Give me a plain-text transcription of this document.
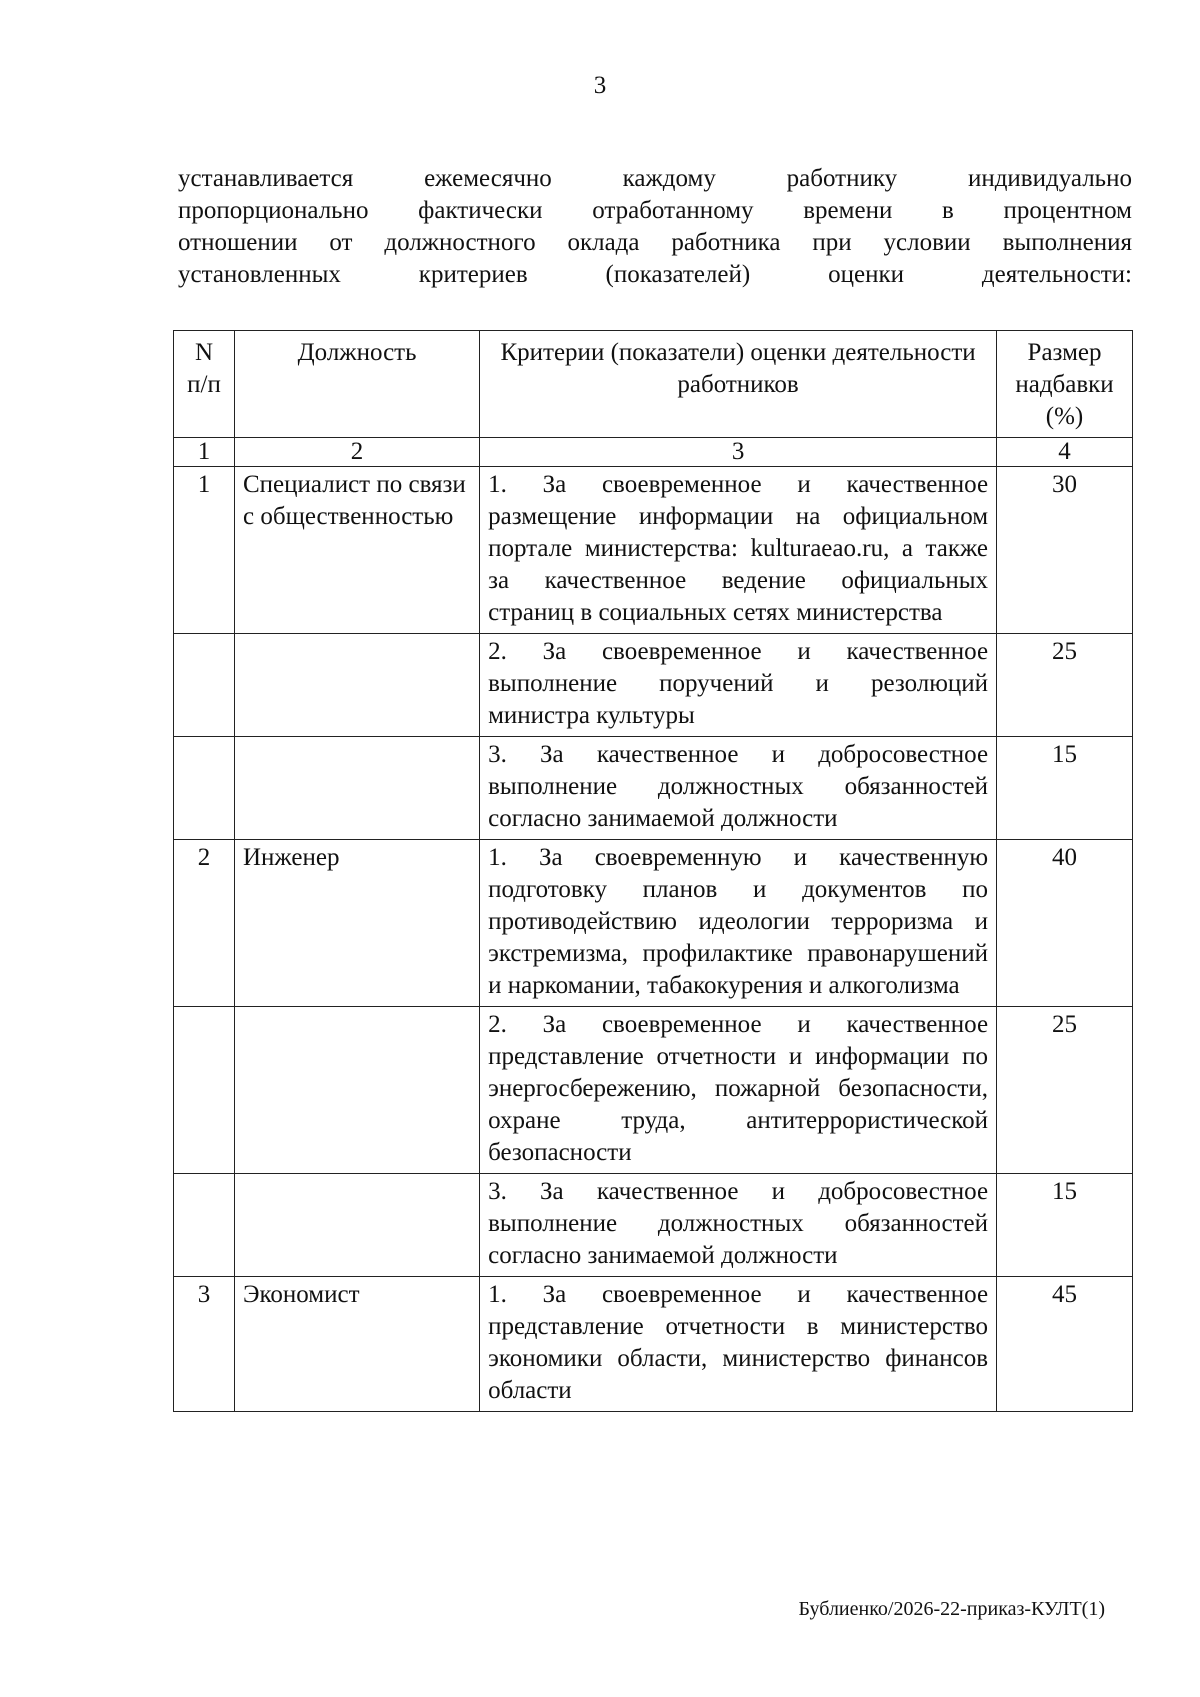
3
устанавливается	ежемесячно	каждому	работнику	индивидуально
пропорционально фактически отработанному времени в процентном
отношении от должностного оклада работника при условии выполнения
установленных	критериев	(показателей)	оценки	деятельности:
N п/п	Должность	Критерии (показатели) оценки деятельности работников	Размер надбавки (%)
1	2	3	4
1	Специалист по связи с общественностью	1. За своевременное и качественное размещение информации на официальном портале министерства: kulturaeao.ru, а также за качественное ведение официальных страниц в социальных сетях министерства	30
		2. За своевременное и качественное выполнение поручений и резолюций министра культуры	25
		3. За качественное и добросовестное выполнение должностных обязанностей согласно занимаемой должности	15
2	Инженер	1. За своевременную и качественную подготовку планов и документов по противодействию идеологии терроризма и экстремизма, профилактике правонарушений и наркомании, табакокурения и алкоголизма	40
		2. За своевременное и качественное представление отчетности и информации по энергосбережению, пожарной безопасности, охране труда, антитеррористической безопасности	25
		3. За качественное и добросовестное выполнение должностных обязанностей согласно занимаемой должности	15
3	Экономист	1. За своевременное и качественное представление отчетности в министерство экономики области, министерство финансов области	45
Бублиенко/2026-22-приказ-КУЛТ(1)
